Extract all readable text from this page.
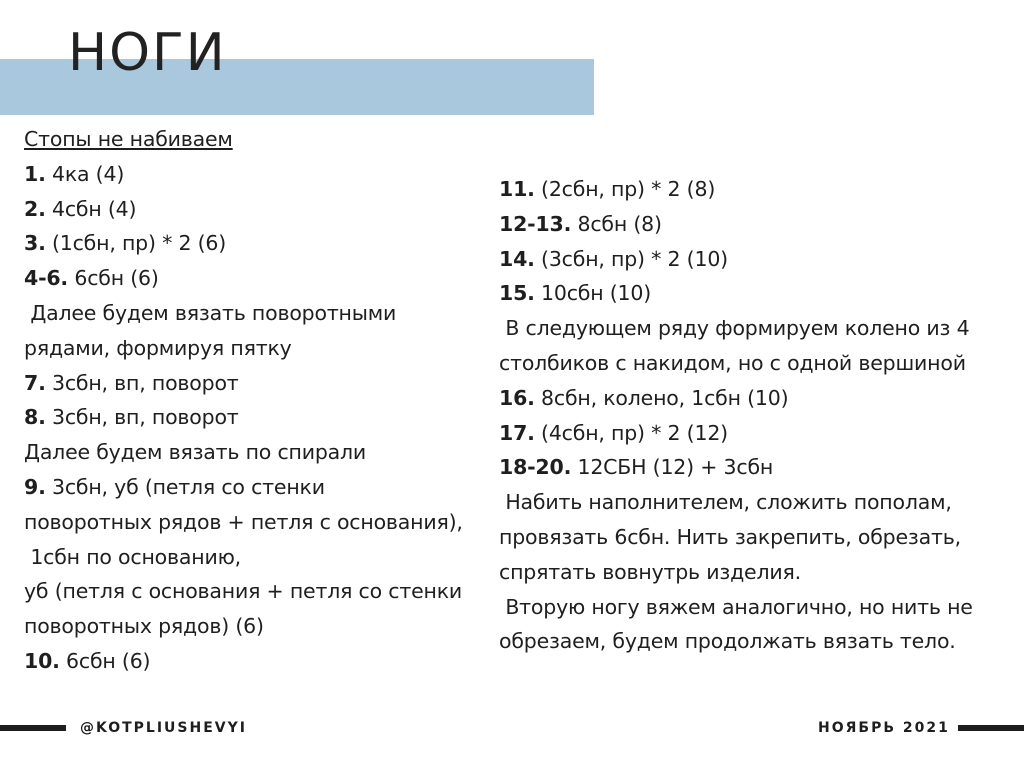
НОГИ
Стопы не набиваем
1. 4ка (4)
2. 4сбн (4)
3. (1сбн, пр) * 2 (6)
4-6. 6сбн (6)
Далее будем вязать поворотными
рядами, формируя пятку
7. 3сбн, вп, поворот
8. 3сбн, вп, поворот
Далее будем вязать по спирали
9. 3сбн, уб (петля со стенки
поворотных рядов + петля с основания),
1сбн по основанию,
уб (петля с основания + петля со стенки
поворотных рядов) (6)
10. 6сбн (6)
11. (2сбн, пр) * 2 (8)
12-13. 8сбн (8)
14. (3сбн, пр) * 2 (10)
15. 10сбн (10)
В следующем ряду формируем колено из 4
столбиков с накидом, но с одной вершиной
16. 8сбн, колено, 1сбн (10)
17. (4сбн, пр) * 2 (12)
18-20. 12СБН (12) + 3сбн
Набить наполнителем, сложить пополам,
провязать 6сбн. Нить закрепить, обрезать,
спрятать вовнутрь изделия.
Вторую ногу вяжем аналогично, но нить не
обрезаем, будем продолжать вязать тело.
@KOTPLIUSHEVYI	НОЯБРЬ 2021
